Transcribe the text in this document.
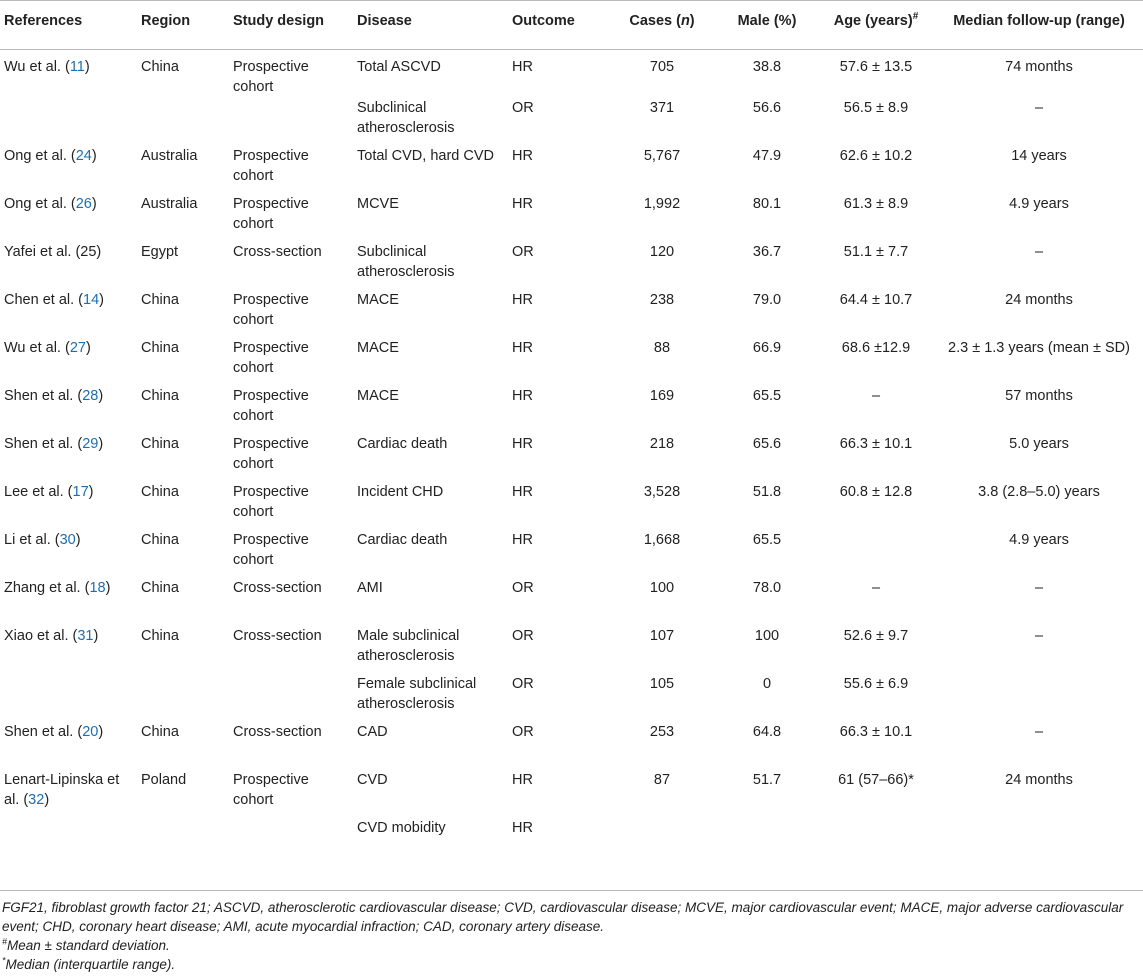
References	Region	Study design	Disease	Outcome	Cases (n)	Male (%)	Age (years)#	Median follow-up (range)
Wu et al. (11)	China	Prospective cohort	Total ASCVD	HR	705	38.8	57.6 ± 13.5	74 months
			Subclinical atherosclerosis	OR	371	56.6	56.5 ± 8.9	–
Ong et al. (24)	Australia	Prospective cohort	Total CVD, hard CVD	HR	5,767	47.9	62.6 ± 10.2	14 years
Ong et al. (26)	Australia	Prospective cohort	MCVE	HR	1,992	80.1	61.3 ± 8.9	4.9 years
Yafei et al. (25)	Egypt	Cross-section	Subclinical atherosclerosis	OR	120	36.7	51.1 ± 7.7	–
Chen et al. (14)	China	Prospective cohort	MACE	HR	238	79.0	64.4 ± 10.7	24 months
Wu et al. (27)	China	Prospective cohort	MACE	HR	88	66.9	68.6 ±12.9	2.3 ± 1.3 years (mean ± SD)
Shen et al. (28)	China	Prospective cohort	MACE	HR	169	65.5	–	57 months
Shen et al. (29)	China	Prospective cohort	Cardiac death	HR	218	65.6	66.3 ± 10.1	5.0 years
Lee et al. (17)	China	Prospective cohort	Incident CHD	HR	3,528	51.8	60.8 ± 12.8	3.8 (2.8–5.0) years
Li et al. (30)	China	Prospective cohort	Cardiac death	HR	1,668	65.5		4.9 years
Zhang et al. (18)	China	Cross-section	AMI	OR	100	78.0	–	–
Xiao et al. (31)	China	Cross-section	Male subclinical atherosclerosis	OR	107	100	52.6 ± 9.7	–
			Female subclinical atherosclerosis	OR	105	0	55.6 ± 6.9	
Shen et al. (20)	China	Cross-section	CAD	OR	253	64.8	66.3 ± 10.1	–
Lenart-Lipinska et al. (32)	Poland	Prospective cohort	CVD	HR	87	51.7	61 (57–66)*	24 months
			CVD mobidity	HR				
FGF21, fibroblast growth factor 21; ASCVD, atherosclerotic cardiovascular disease; CVD, cardiovascular disease; MCVE, major cardiovascular event; MACE, major adverse cardiovascular event; CHD, coronary heart disease; AMI, acute myocardial infraction; CAD, coronary artery disease.
#Mean ± standard deviation.
*Median (interquartile range).
